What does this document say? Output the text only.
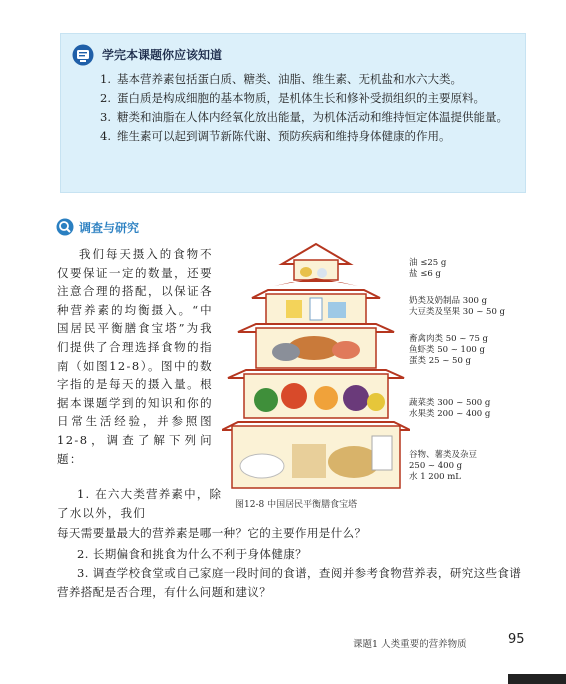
学完本课题你应该知道

1. 基本营养素包括蛋白质、糖类、油脂、维生素、无机盐和水六大类。

2. 蛋白质是构成细胞的基本物质，是机体生长和修补受损组织的主要原料。

3. 糖类和油脂在人体内经氧化放出能量，为机体活动和维持恒定体温提供能量。

4. 维生素可以起到调节新陈代谢、预防疾病和维持身体健康的作用。

调查与研究

我们每天摄入的食物不仅要保证一定的数量，还要注意合理的搭配，以保证各种营养素的均衡摄入。“中国居民平衡膳食宝塔”为我们提供了合理选择食物的指南（如图12-8）。图中的数字指的是每天的摄入量。根据本课题学到的知识和你的日常生活经验，并参照图12-8，调查了解下列问题：

1. 在六大类营养素中，除了水以外，我们
每天需要量最大的营养素是哪一种？它的主要作用是什么？
2. 长期偏食和挑食为什么不利于身体健康？
3. 调查学校食堂或自己家庭一段时间的食谱，查阅并参考食物营养表，研究这些食谱营养搭配是否合理，有什么问题和建议？
油 ≤25 g
盐 ≤6 g
奶类及奶制品 300 g
大豆类及坚果 30 ~ 50 g
畜禽肉类 50 ~ 75 g
鱼虾类 50 ~ 100 g
蛋类 25 ~ 50 g
蔬菜类 300 ~ 500 g
水果类 200 ~ 400 g
谷物、薯类及杂豆
250 ~ 400 g
水 1 200 mL
图12-8 中国居民平衡膳食宝塔
课题1 人类重要的营养物质	95
